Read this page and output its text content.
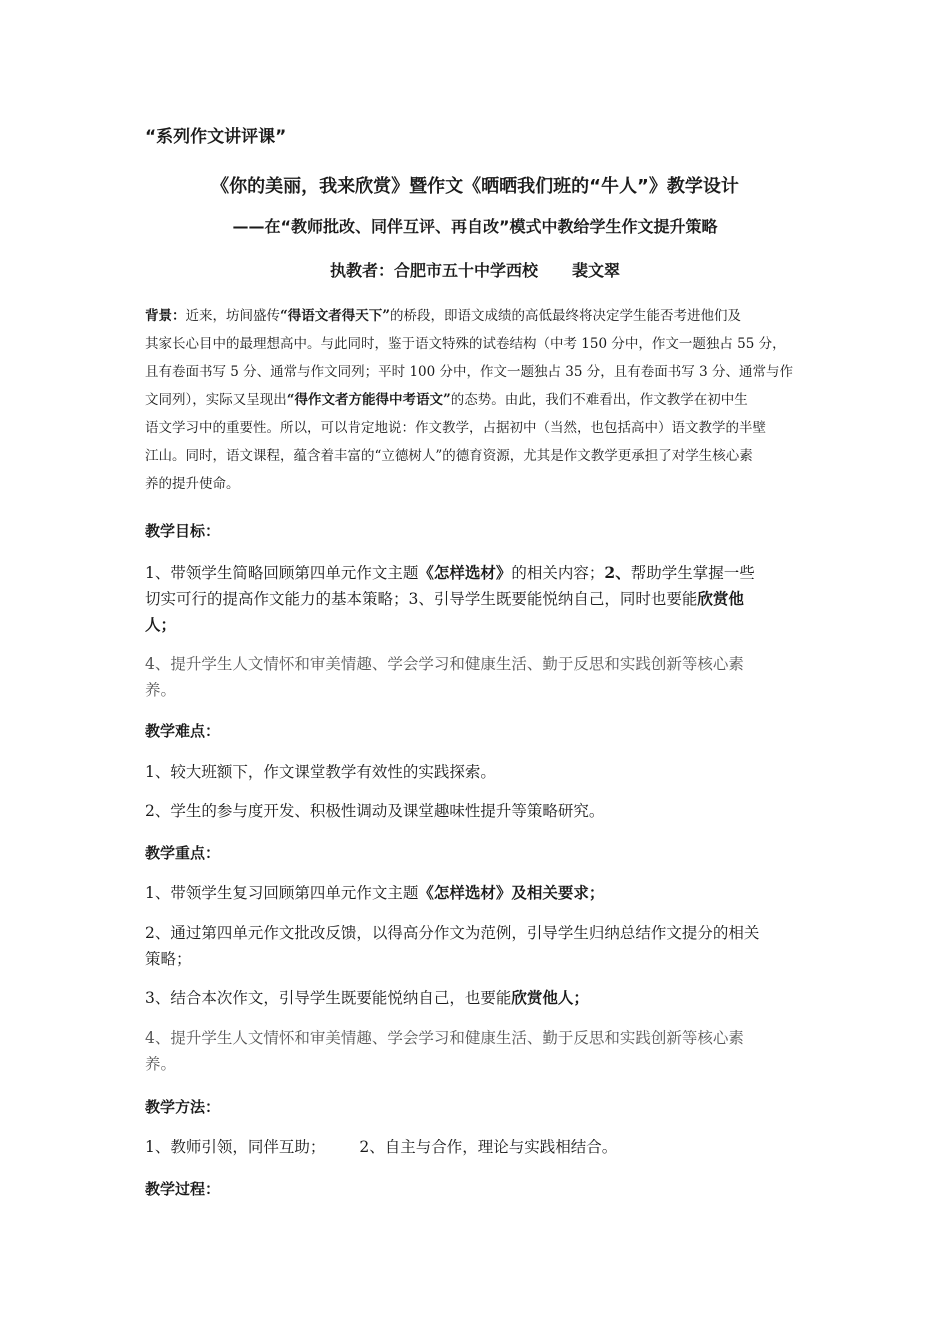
“系列作文讲评课”
《你的美丽，我来欣赏》暨作文《晒晒我们班的“牛人”》教学设计
——在“教师批改、同伴互评、再自改”模式中教给学生作文提升策略
执教者：合肥市五十中学西校 裴文翠
背景：近来，坊间盛传“得语文者得天下”的桥段，即语文成绩的高低最终将决定学生能否考进他们及
其家长心目中的最理想高中。与此同时，鉴于语文特殊的试卷结构（中考 150 分中，作文一题独占 55 分，
且有卷面书写 5 分、通常与作文同列；平时 100 分中，作文一题独占 35 分，且有卷面书写 3 分、通常与作
文同列），实际又呈现出“得作文者方能得中考语文”的态势。由此，我们不难看出，作文教学在初中生
语文学习中的重要性。所以，可以肯定地说：作文教学，占据初中（当然，也包括高中）语文教学的半壁
江山。同时，语文课程，蕴含着丰富的“立德树人”的德育资源，尤其是作文教学更承担了对学生核心素
养的提升使命。
教学目标：
1、带领学生简略回顾第四单元作文主题《怎样选材》的相关内容；2、帮助学生掌握一些
切实可行的提高作文能力的基本策略；3、引导学生既要能悦纳自己，同时也要能欣赏他
人；
4、提升学生人文情怀和审美情趣、学会学习和健康生活、勤于反思和实践创新等核心素
养。
教学难点：
1、较大班额下，作文课堂教学有效性的实践探索。
2、学生的参与度开发、积极性调动及课堂趣味性提升等策略研究。
教学重点：
1、带领学生复习回顾第四单元作文主题《怎样选材》及相关要求；
2、通过第四单元作文批改反馈，以得高分作文为范例，引导学生归纳总结作文提分的相关
策略；
3、结合本次作文，引导学生既要能悦纳自己，也要能欣赏他人；
4、提升学生人文情怀和审美情趣、学会学习和健康生活、勤于反思和实践创新等核心素
养。
教学方法：
1、教师引领，同伴互助； 2、自主与合作，理论与实践相结合。
教学过程：
